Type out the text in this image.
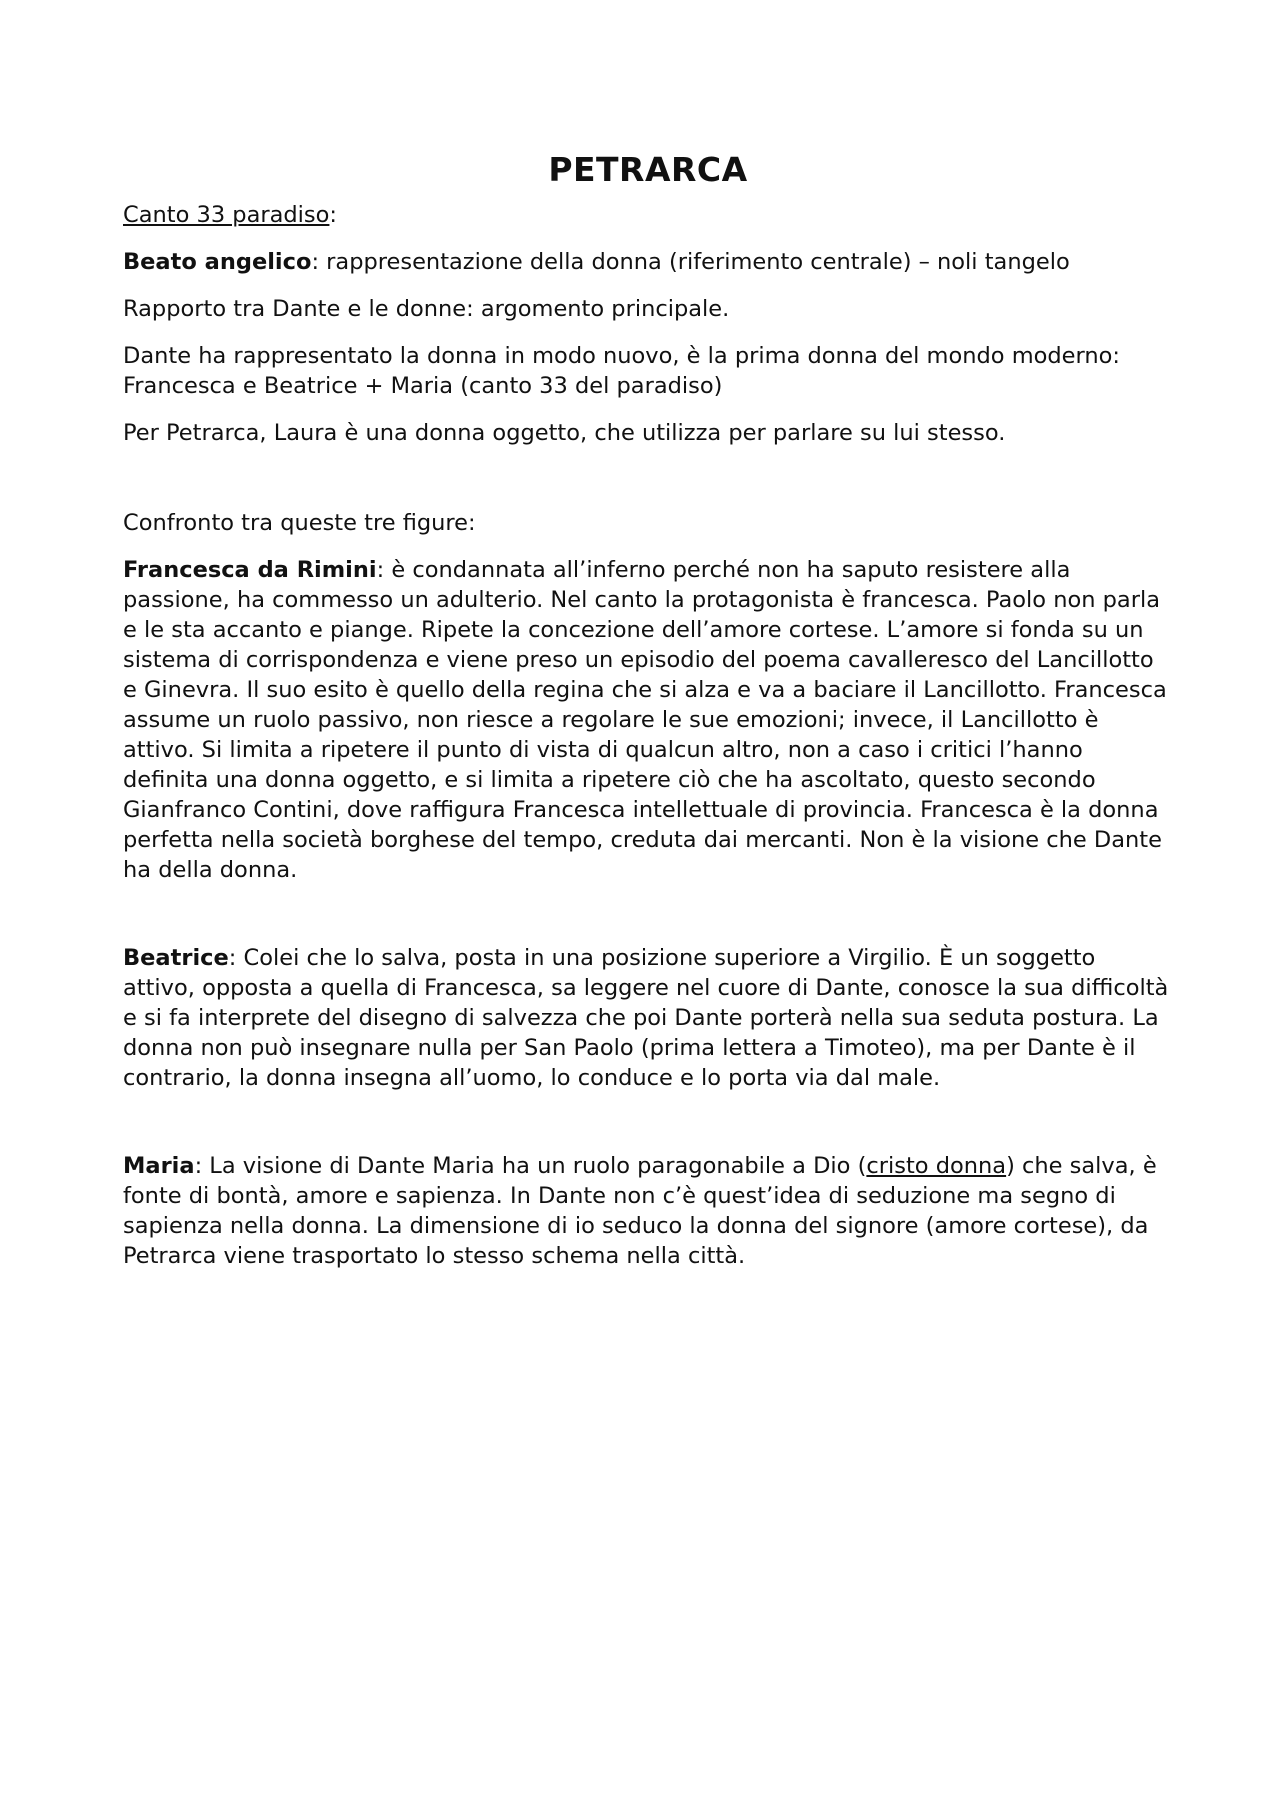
PETRARCA

Canto 33 paradiso:

Beato angelico: rappresentazione della donna (riferimento centrale) – noli tangelo

Rapporto tra Dante e le donne: argomento principale.

Dante ha rappresentato la donna in modo nuovo, è la prima donna del mondo moderno: Francesca e Beatrice + Maria (canto 33 del paradiso)

Per Petrarca, Laura è una donna oggetto, che utilizza per parlare su lui stesso.

Confronto tra queste tre figure:

Francesca da Rimini: è condannata all’inferno perché non ha saputo resistere alla passione, ha commesso un adulterio. Nel canto la protagonista è francesca. Paolo non parla e le sta accanto e piange. Ripete la concezione dell’amore cortese. L’amore si fonda su un sistema di corrispondenza e viene preso un episodio del poema cavalleresco del Lancillotto e Ginevra. Il suo esito è quello della regina che si alza e va a baciare il Lancillotto. Francesca assume un ruolo passivo, non riesce a regolare le sue emozioni; invece, il Lancillotto è attivo. Si limita a ripetere il punto di vista di qualcun altro, non a caso i critici l’hanno definita una donna oggetto, e si limita a ripetere ciò che ha ascoltato, questo secondo Gianfranco Contini, dove raffigura Francesca intellettuale di provincia. Francesca è la donna perfetta nella società borghese del tempo, creduta dai mercanti. Non è la visione che Dante ha della donna.

Beatrice: Colei che lo salva, posta in una posizione superiore a Virgilio. È un soggetto attivo, opposta a quella di Francesca, sa leggere nel cuore di Dante, conosce la sua difficoltà e si fa interprete del disegno di salvezza che poi Dante porterà nella sua seduta postura. La donna non può insegnare nulla per San Paolo (prima lettera a Timoteo), ma per Dante è il contrario, la donna insegna all’uomo, lo conduce e lo porta via dal male.

Maria: La visione di Dante Maria ha un ruolo paragonabile a Dio (cristo donna) che salva, è fonte di bontà, amore e sapienza. In Dante non c’è quest’idea di seduzione ma segno di sapienza nella donna. La dimensione di io seduco la donna del signore (amore cortese), da Petrarca viene trasportato lo stesso schema nella città.
